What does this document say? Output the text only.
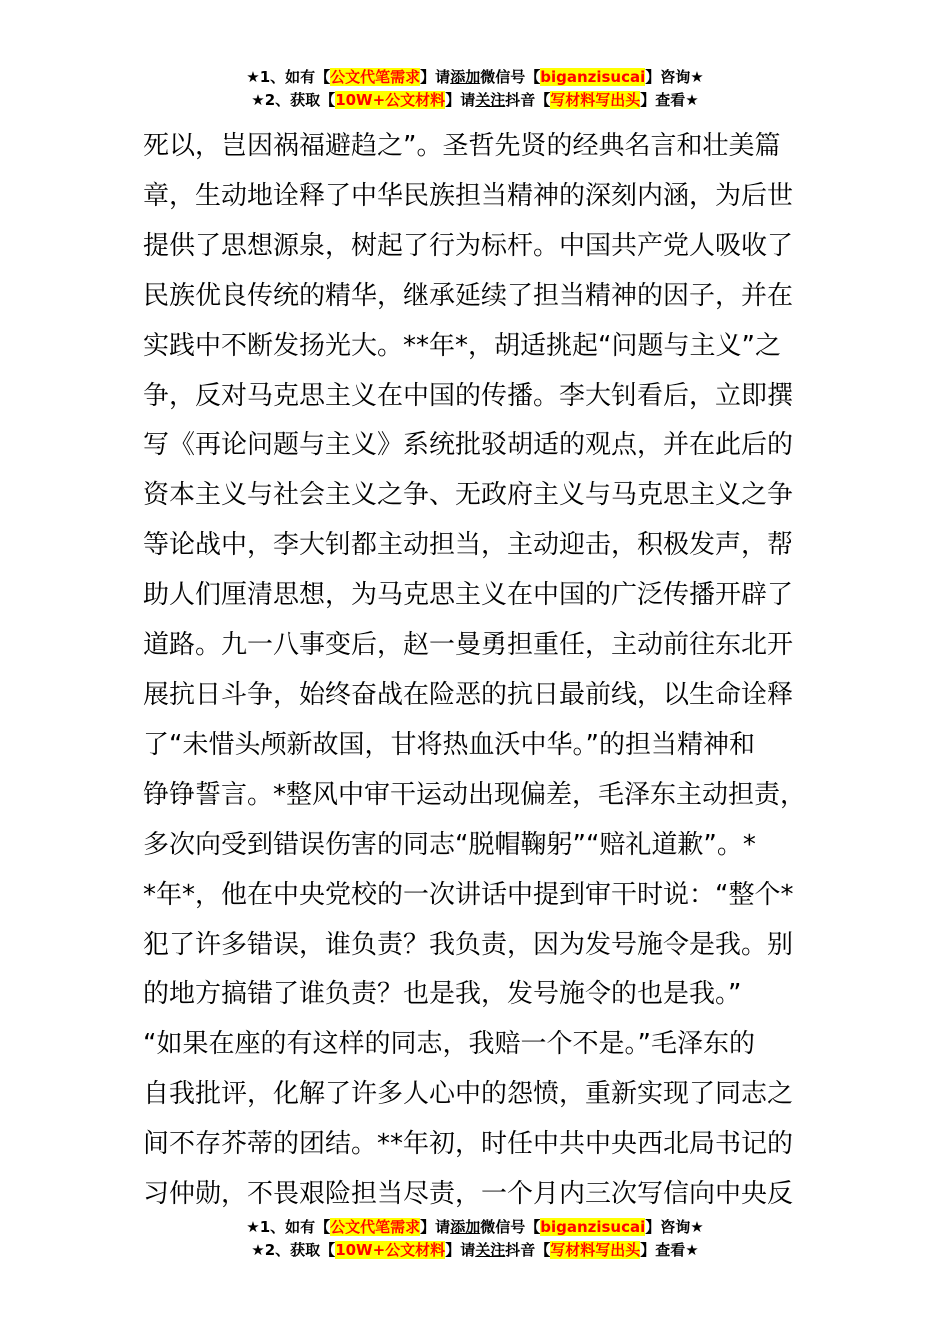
★1、如有【公文代笔需求】请添加微信号【biganzisucai】咨询★
★2、获取【10W+公文材料】请关注抖音【写材料写出头】查看★
死以，岂因祸福避趋之”。圣哲先贤的经典名言和壮美篇
章，生动地诠释了中华民族担当精神的深刻内涵，为后世
提供了思想源泉，树起了行为标杆。中国共产党人吸收了
民族优良传统的精华，继承延续了担当精神的因子，并在
实践中不断发扬光大。**年*，胡适挑起“问题与主义”之
争，反对马克思主义在中国的传播。李大钊看后，立即撰
写《再论问题与主义》系统批驳胡适的观点，并在此后的
资本主义与社会主义之争、无政府主义与马克思主义之争
等论战中，李大钊都主动担当，主动迎击，积极发声，帮
助人们厘清思想，为马克思主义在中国的广泛传播开辟了
道路。九一八事变后，赵一曼勇担重任，主动前往东北开
展抗日斗争，始终奋战在险恶的抗日最前线，以生命诠释
了“未惜头颅新故国，甘将热血沃中华。”的担当精神和
铮铮誓言。*整风中审干运动出现偏差，毛泽东主动担责，
多次向受到错误伤害的同志“脱帽鞠躬”“赔礼道歉”。*
*年*，他在中央党校的一次讲话中提到审干时说：“整个*
犯了许多错误，谁负责？我负责，因为发号施令是我。别
的地方搞错了谁负责？也是我，发号施令的也是我。”
“如果在座的有这样的同志，我赔一个不是。”毛泽东的
自我批评，化解了许多人心中的怨愤，重新实现了同志之
间不存芥蒂的团结。**年初，时任中共中央西北局书记的
习仲勋，不畏艰险担当尽责，一个月内三次写信向中央反
★1、如有【公文代笔需求】请添加微信号【biganzisucai】咨询★
★2、获取【10W+公文材料】请关注抖音【写材料写出头】查看★
